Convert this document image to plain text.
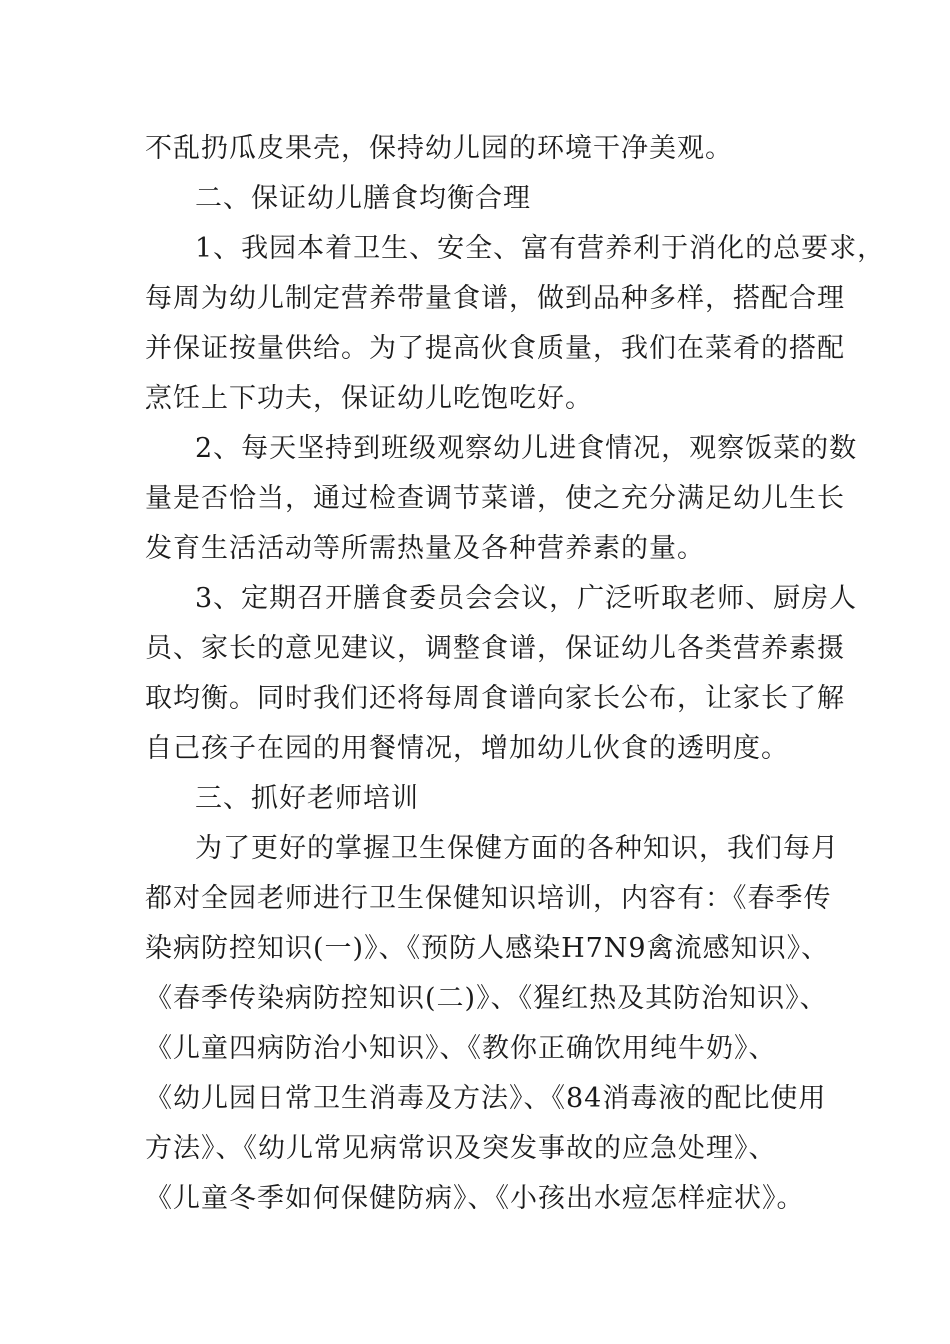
不乱扔瓜皮果壳，保持幼儿园的环境干净美观。
二、保证幼儿膳食均衡合理
1、我园本着卫生、安全、富有营养利于消化的总要求，
每周为幼儿制定营养带量食谱，做到品种多样，搭配合理
并保证按量供给。为了提高伙食质量，我们在菜肴的搭配
烹饪上下功夫，保证幼儿吃饱吃好。
2、每天坚持到班级观察幼儿进食情况，观察饭菜的数
量是否恰当，通过检查调节菜谱，使之充分满足幼儿生长
发育生活活动等所需热量及各种营养素的量。
3、定期召开膳食委员会会议，广泛听取老师、厨房人
员、家长的意见建议，调整食谱，保证幼儿各类营养素摄
取均衡。同时我们还将每周食谱向家长公布，让家长了解
自己孩子在园的用餐情况，增加幼儿伙食的透明度。
三、抓好老师培训
为了更好的掌握卫生保健方面的各种知识，我们每月
都对全园老师进行卫生保健知识培训，内容有：《春季传
染病防控知识(一)》、《预防人感染H7N9禽流感知识》、
《春季传染病防控知识(二)》、《猩红热及其防治知识》、
《儿童四病防治小知识》、《教你正确饮用纯牛奶》、
《幼儿园日常卫生消毒及方法》、《84消毒液的配比使用
方法》、《幼儿常见病常识及突发事故的应急处理》、
《儿童冬季如何保健防病》、《小孩出水痘怎样症状》。
